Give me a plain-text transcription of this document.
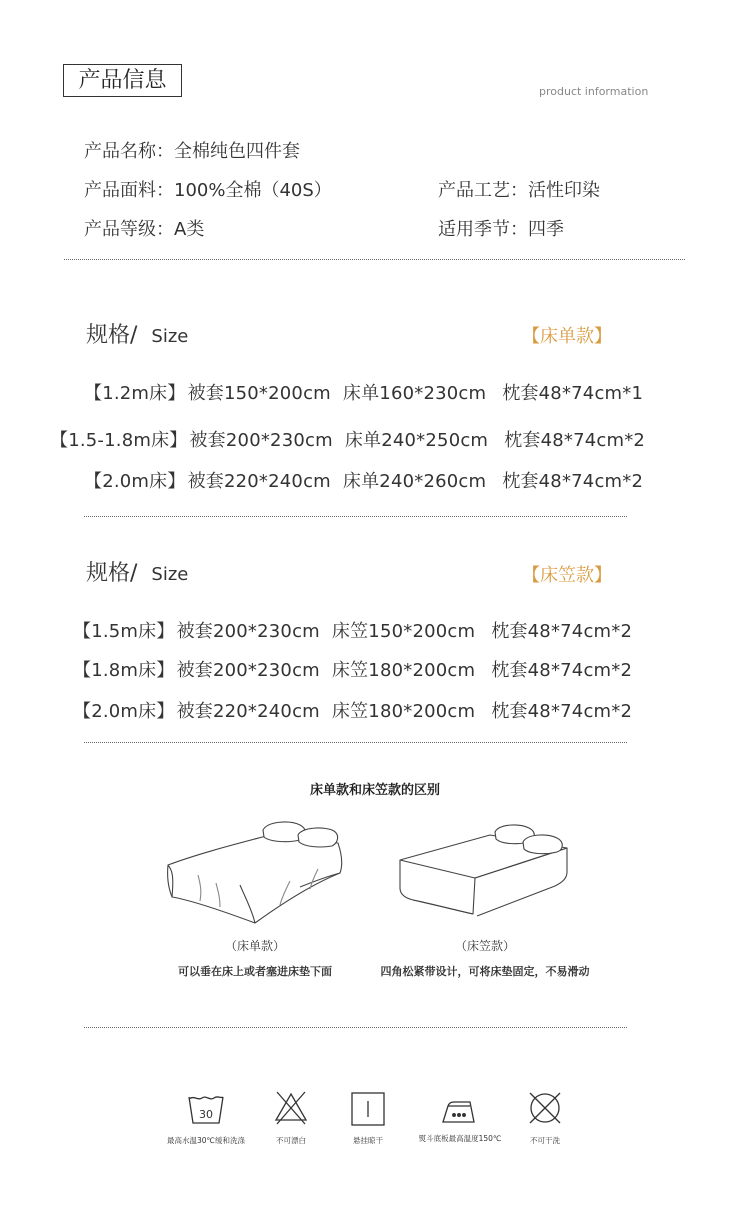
产品信息	product information
产品名称：全棉纯色四件套
产品面料：100%全棉（40S）	产品工艺：活性印染
产品等级：A类	适用季节：四季
规格/ Size	【床单款】
【1.2m床】 被套150*200cm 床单160*230cm 枕套48*74cm*1
【1.5-1.8m床】 被套200*230cm 床单240*250cm 枕套48*74cm*2
【2.0m床】 被套220*240cm 床单240*260cm 枕套48*74cm*2
规格/ Size	【床笠款】
【1.5m床】 被套200*230cm 床笠150*200cm 枕套48*74cm*2
【1.8m床】 被套200*230cm 床笠180*200cm 枕套48*74cm*2
【2.0m床】 被套220*240cm 床笠180*200cm 枕套48*74cm*2
床单款和床笠款的区别
（床单款）
可以垂在床上或者塞进床垫下面
（床笠款）
四角松紧带设计，可将床垫固定，不易滑动
30
最高水温30℃缓和洗涤	不可漂白	悬挂晾干	熨斗底板最高温度150℃	不可干洗
